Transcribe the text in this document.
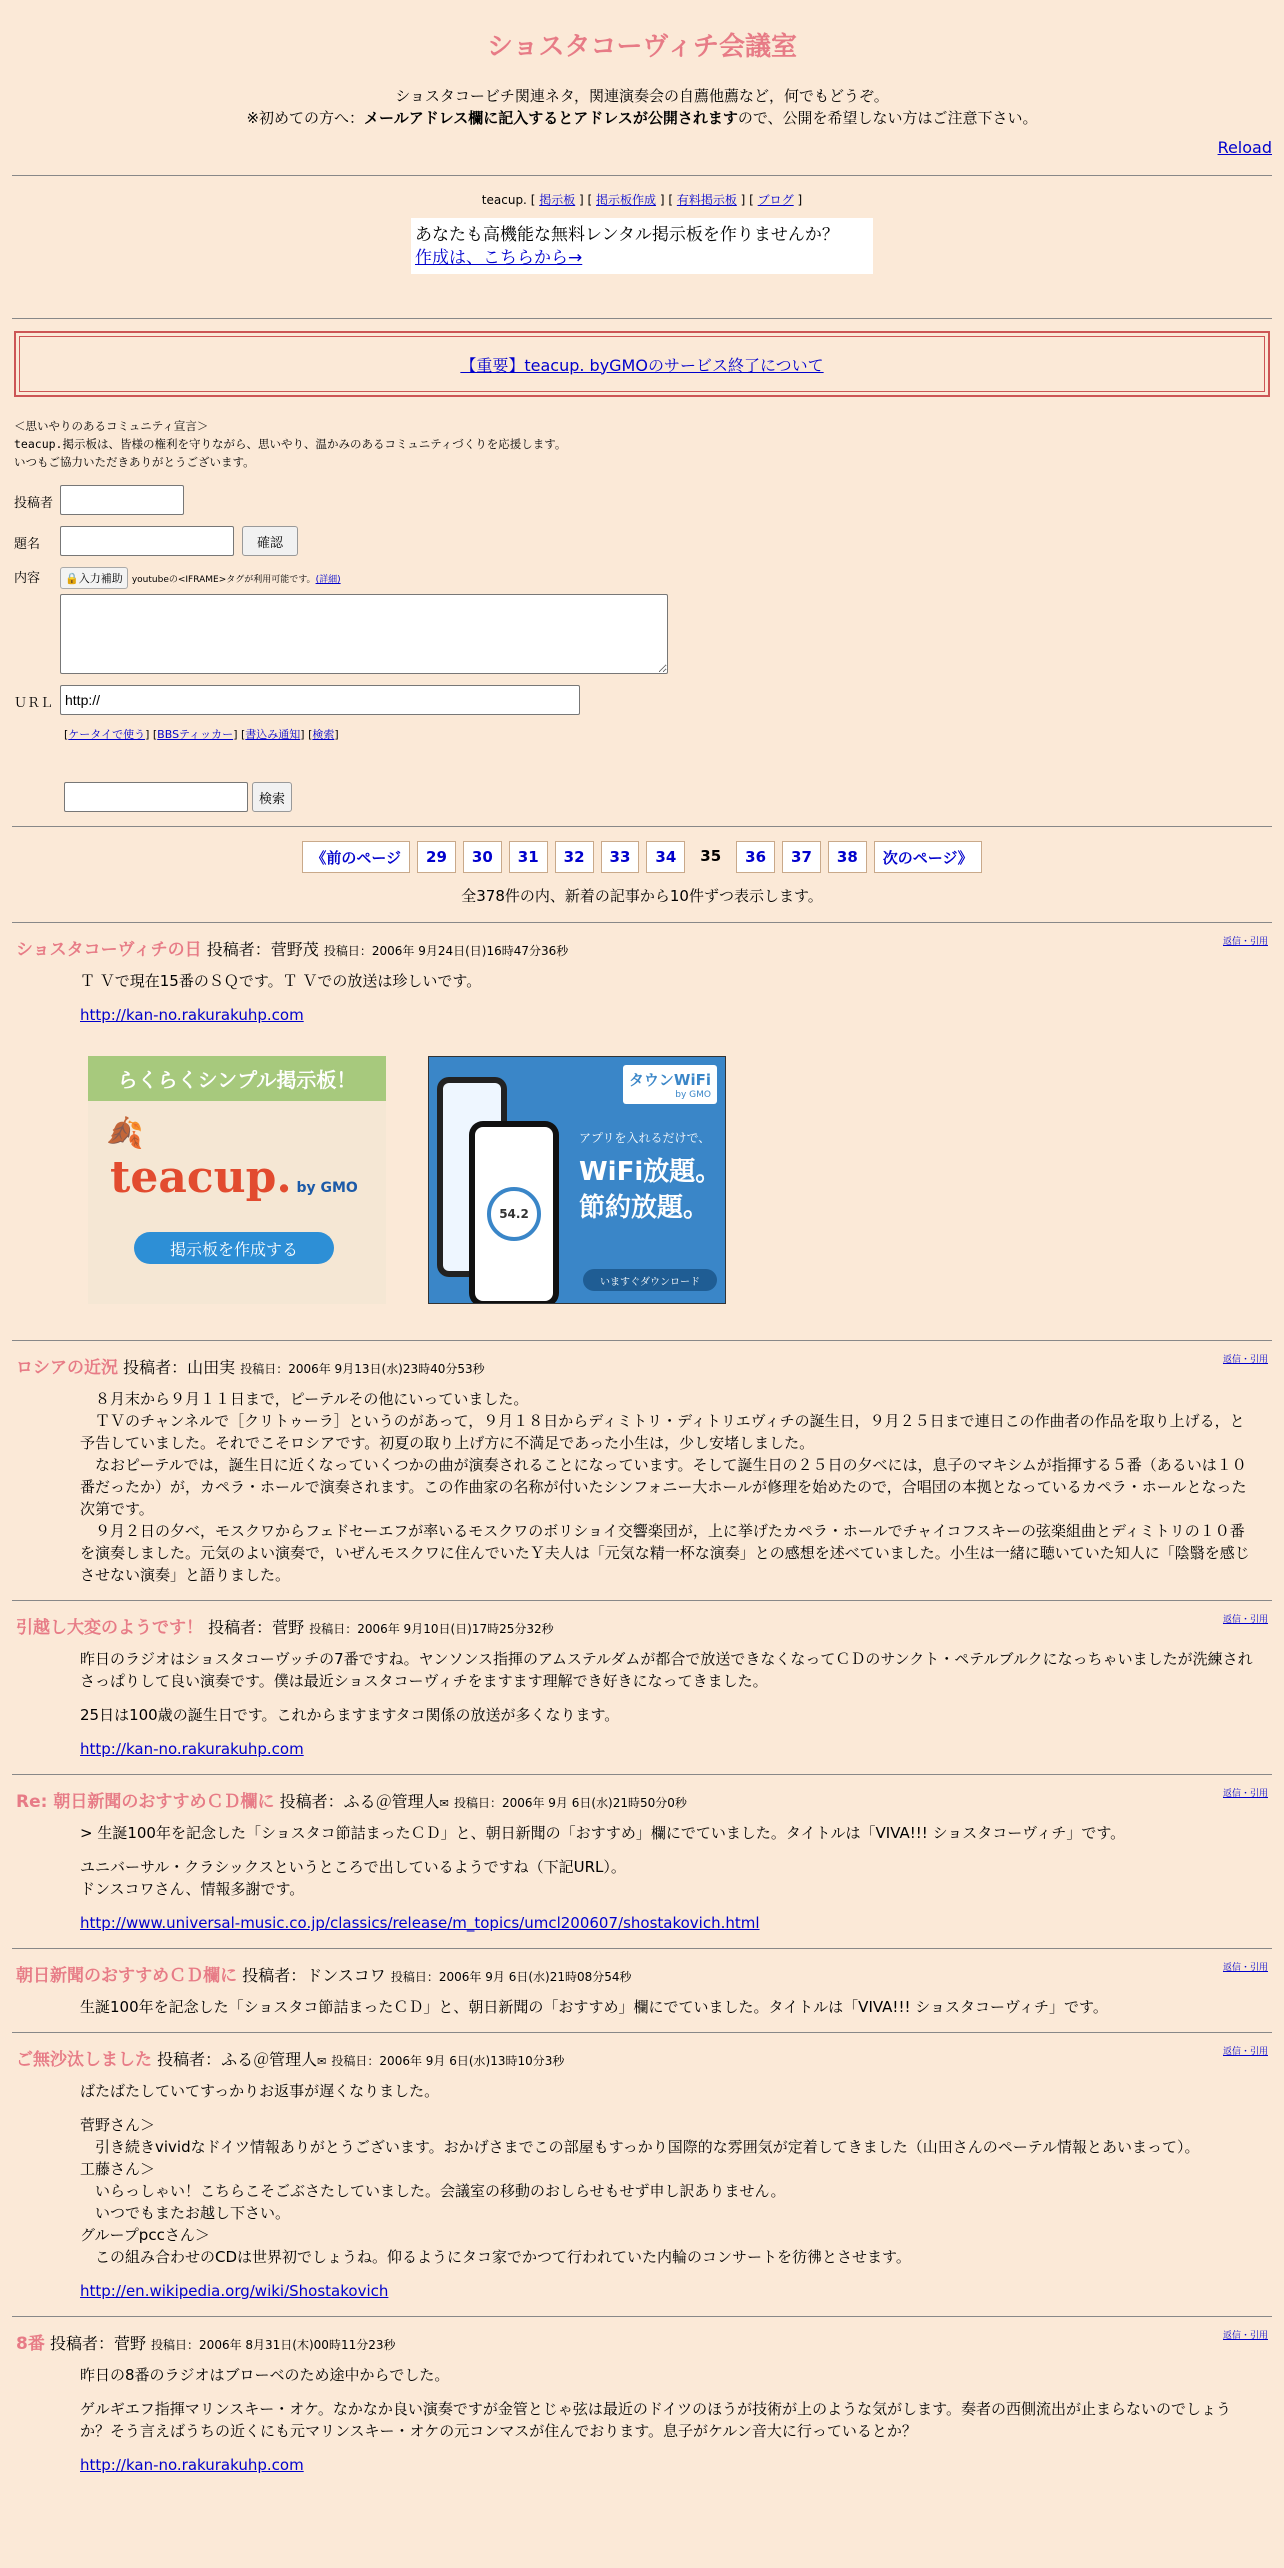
ショスタコーヴィチ会議室
ショスタコービチ関連ネタ，関連演奏会の自薦他薦など，何でもどうぞ。
※初めての方へ：メールアドレス欄に記入するとアドレスが公開されますので、公開を希望しない方はご注意下さい。
Reload
teacup. [ 掲示板 ] [ 掲示板作成 ] [ 有料掲示板 ] [ ブログ ]
あなたも高機能な無料レンタル掲示板を作りませんか？
作成は、こちらから→
【重要】teacup. byGMOのサービス終了について
＜思いやりのあるコミュニティ宣言＞
teacup.掲示板は、皆様の権利を守りながら、思いやり、温かみのあるコミュニティづくりを応援します。
いつもご協力いただきありがとうございます。
投稿者
題名	確認
内容	🔒入力補助 youtubeの<IFRAME>タグが利用可能です。(詳細)
ＵＲＬ
http://
[ケータイで使う] [BBSティッカー] [書込み通知] [検索]
検索
《前のページ	29	30	31	32	33	34	35	36	37	38	次のページ》
全378件の内、新着の記事から10件ずつ表示します。
返信・引用
ショスタコーヴィチの日 投稿者：菅野茂 投稿日：2006年 9月24日(日)16時47分36秒

Ｔ Ｖで現在15番のＳＱです。Ｔ Ｖでの放送は珍しいです。

http://kan-no.rakurakuhp.com
らくらくシンプル掲示板！
🍂
teacup. by GMO
掲示板を作成する
54.2
タウンWiFi
by GMO
アプリを入れるだけで、
WiFi放題。
節約放題。
いますぐダウンロード
返信・引用
ロシアの近況 投稿者：山田実 投稿日：2006年 9月13日(水)23時40分53秒

　８月末から９月１１日まで，ピーテルその他にいっていました。

　ＴＶのチャンネルで［クリトゥーラ］というのがあって，９月１８日からディミトリ・ディトリエヴィチの誕生日，９月２５日まで連日この作曲者の作品を取り上げる，と予告していました。それでこそロシアです。初夏の取り上げ方に不満足であった小生は，少し安堵しました。

　なおピーテルでは，誕生日に近くなっていくつかの曲が演奏されることになっています。そして誕生日の２５日の夕べには，息子のマキシムが指揮する５番（あるいは１０番だったか）が，カペラ・ホールで演奏されます。この作曲家の名称が付いたシンフォニー大ホールが修理を始めたので，合唱団の本拠となっているカペラ・ホールとなった次第です。

　９月２日の夕べ，モスクワからフェドセーエフが率いるモスクワのボリショイ交響楽団が，上に挙げたカペラ・ホールでチャイコフスキーの弦楽組曲とディミトリの１０番を演奏しました。元気のよい演奏で，いぜんモスクワに住んでいたＹ夫人は「元気な精一杯な演奏」との感想を述べていました。小生は一緒に聴いていた知人に「陰翳を感じさせない演奏」と語りました。

返信・引用
引越し大変のようです！ 投稿者：菅野 投稿日：2006年 9月10日(日)17時25分32秒

昨日のラジオはショスタコーヴッチの7番ですね。ヤンソンス指揮のアムステルダムが都合で放送できなくなってＣＤのサンクト・ペテルブルクになっちゃいましたが洗練されさっぱりして良い演奏です。僕は最近ショスタコーヴィチをますます理解でき好きになってきました。

25日は100歳の誕生日です。これからますますタコ関係の放送が多くなります。

http://kan-no.rakurakuhp.com
返信・引用
Re: 朝日新聞のおすすめＣＤ欄に 投稿者：ふる＠管理人✉ 投稿日：2006年 9月 6日(水)21時50分0秒

> 生誕100年を記念した「ショスタコ節詰まったＣＤ」と、朝日新聞の「おすすめ」欄にでていました。タイトルは「VIVA!!! ショスタコーヴィチ」です。

ユニバーサル・クラシックスというところで出しているようですね（下記URL）。

ドンスコワさん、情報多謝です。

http://www.universal-music.co.jp/classics/release/m_topics/umcl200607/shostakovich.html
返信・引用
朝日新聞のおすすめＣＤ欄に 投稿者：ドンスコワ 投稿日：2006年 9月 6日(水)21時08分54秒

生誕100年を記念した「ショスタコ節詰まったＣＤ」と、朝日新聞の「おすすめ」欄にでていました。タイトルは「VIVA!!! ショスタコーヴィチ」です。

返信・引用
ご無沙汰しました 投稿者：ふる＠管理人✉ 投稿日：2006年 9月 6日(水)13時10分3秒

ばたばたしていてすっかりお返事が遅くなりました。

菅野さん＞

　引き続きvividなドイツ情報ありがとうございます。おかげさまでこの部屋もすっかり国際的な雰囲気が定着してきました（山田さんのペーテル情報とあいまって）。

工藤さん＞

　いらっしゃい！こちらこそごぶさたしていました。会議室の移動のおしらせもせず申し訳ありません。

　いつでもまたお越し下さい。

グループpccさん＞

　この組み合わせのCDは世界初でしょうね。仰るようにタコ家でかつて行われていた内輪のコンサートを彷彿とさせます。

http://en.wikipedia.org/wiki/Shostakovich
返信・引用
8番 投稿者：菅野 投稿日：2006年 8月31日(木)00時11分23秒

昨日の8番のラジオはブローベのため途中からでした。

ゲルギエフ指揮マリンスキー・オケ。なかなか良い演奏ですが金管とじゃ弦は最近のドイツのほうが技術が上のような気がします。奏者の西側流出が止まらないのでしょうか？そう言えばうちの近くにも元マリンスキー・オケの元コンマスが住んでおります。息子がケルン音大に行っているとか？

http://kan-no.rakurakuhp.com
